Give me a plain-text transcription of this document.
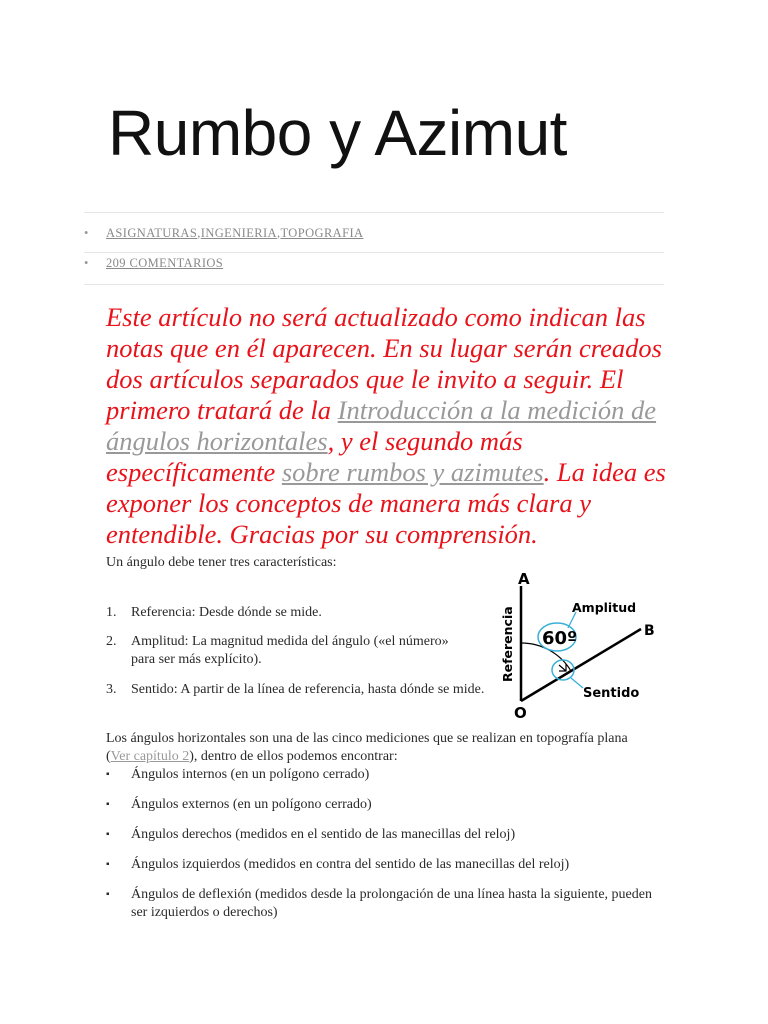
Rumbo y Azimut
• ASIGNATURAS,INGENIERIA,TOPOGRAFIA
• 209 COMENTARIOS

Este artículo no será actualizado como indican las notas que en él aparecen. En su lugar serán creados dos artículos separados que le invito a seguir. El primero tratará de la Introducción a la medición de ángulos horizontales, y el segundo más específicamente sobre rumbos y azimutes. La idea es exponer los conceptos de manera más clara y entendible. Gracias por su comprensión.

Un ángulo debe tener tres características:

1. Referencia: Desde dónde se mide.
2. Amplitud: La magnitud medida del ángulo («el número» para ser más explícito).
3. Sentido: A partir de la línea de referencia, hasta dónde se mide.
A
B
O
Amplitud
Sentido
60º
Referencia

Los ángulos horizontales son una de las cinco mediciones que se realizan en topografía plana (Ver capítulo 2), dentro de ellos podemos encontrar:

▪ Ángulos internos (en un polígono cerrado)
▪ Ángulos externos (en un polígono cerrado)
▪ Ángulos derechos (medidos en el sentido de las manecillas del reloj)
▪ Ángulos izquierdos (medidos en contra del sentido de las manecillas del reloj)
▪ Ángulos de deflexión (medidos desde la prolongación de una línea hasta la siguiente, pueden ser izquierdos o derechos)
